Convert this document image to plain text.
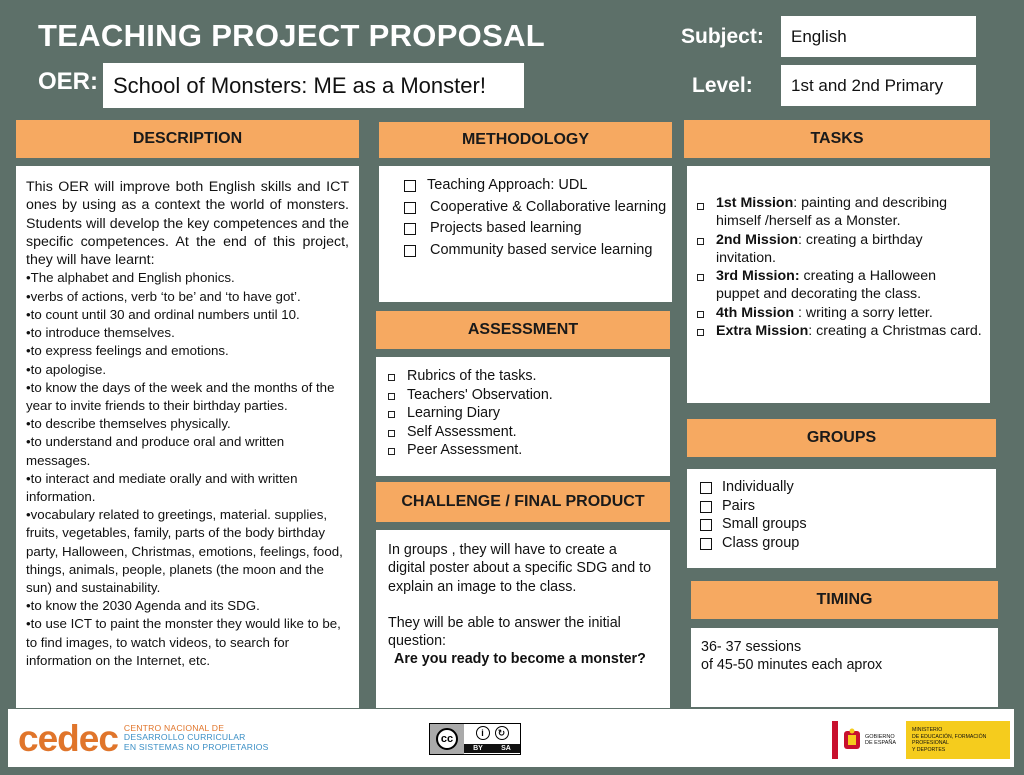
TEACHING PROJECT PROPOSAL
OER: School of Monsters: ME as a Monster!
Subject:	English
Level:	1st and 2nd Primary
DESCRIPTION

This OER will improve both English skills and ICT ones by using as a context the world of monsters. Students will develop the key competences and the specific competences. At the end of this project, they will have learnt:

• The alphabet and English phonics.
• verbs of actions, verb ‘to be’ and ‘to have got’.
• to count until 30 and ordinal numbers until 10.
• to introduce themselves.
• to express feelings and emotions.
• to apologise.
• to know the days of the week and the months of the year to invite friends to their birthday parties.
• to describe themselves physically.
• to understand and produce oral and written messages.
• to interact and mediate orally and with written information.
• vocabulary related to greetings, material. supplies, fruits, vegetables, family, parts of the body birthday party, Halloween, Christmas, emotions, feelings, food, things, animals, people, planets (the moon and the sun) and sustainability.
• to know the 2030 Agenda and its SDG.
• to use ICT to paint the monster they would like to be, to find images, to watch videos, to search for information on the Internet, etc.
METHODOLOGY
Teaching Approach: UDL
Cooperative & Collaborative learning
Projects based learning
Community based service learning
ASSESSMENT
Rubrics of the tasks.
Teachers' Observation.
Learning Diary
Self Assessment.
Peer Assessment.
CHALLENGE / FINAL PRODUCT
In groups , they will have to create a digital poster about a specific SDG and to explain an image to the class.
They will be able to answer the initial question:
Are you ready to become a monster?
TASKS
1st Mission: painting and describing himself /herself as a Monster.
2nd Mission: creating a birthday invitation.
3rd Mission: creating a Halloween puppet and decorating the class.
4th Mission : writing a sorry letter.
Extra Mission: creating a Christmas card.
GROUPS
Individually
Pairs
Small groups
Class group
TIMING
36- 37 sessions
of 45-50 minutes each aprox
cedec CENTRO NACIONAL DE
DESARROLLO CURRICULAR
EN SISTEMAS NO PROPIETARIOS
cc	i	↻
BY	SA
GOBIERNO
DE ESPAÑA
MINISTERIO
DE EDUCACIÓN, FORMACIÓN PROFESIONAL
Y DEPORTES
